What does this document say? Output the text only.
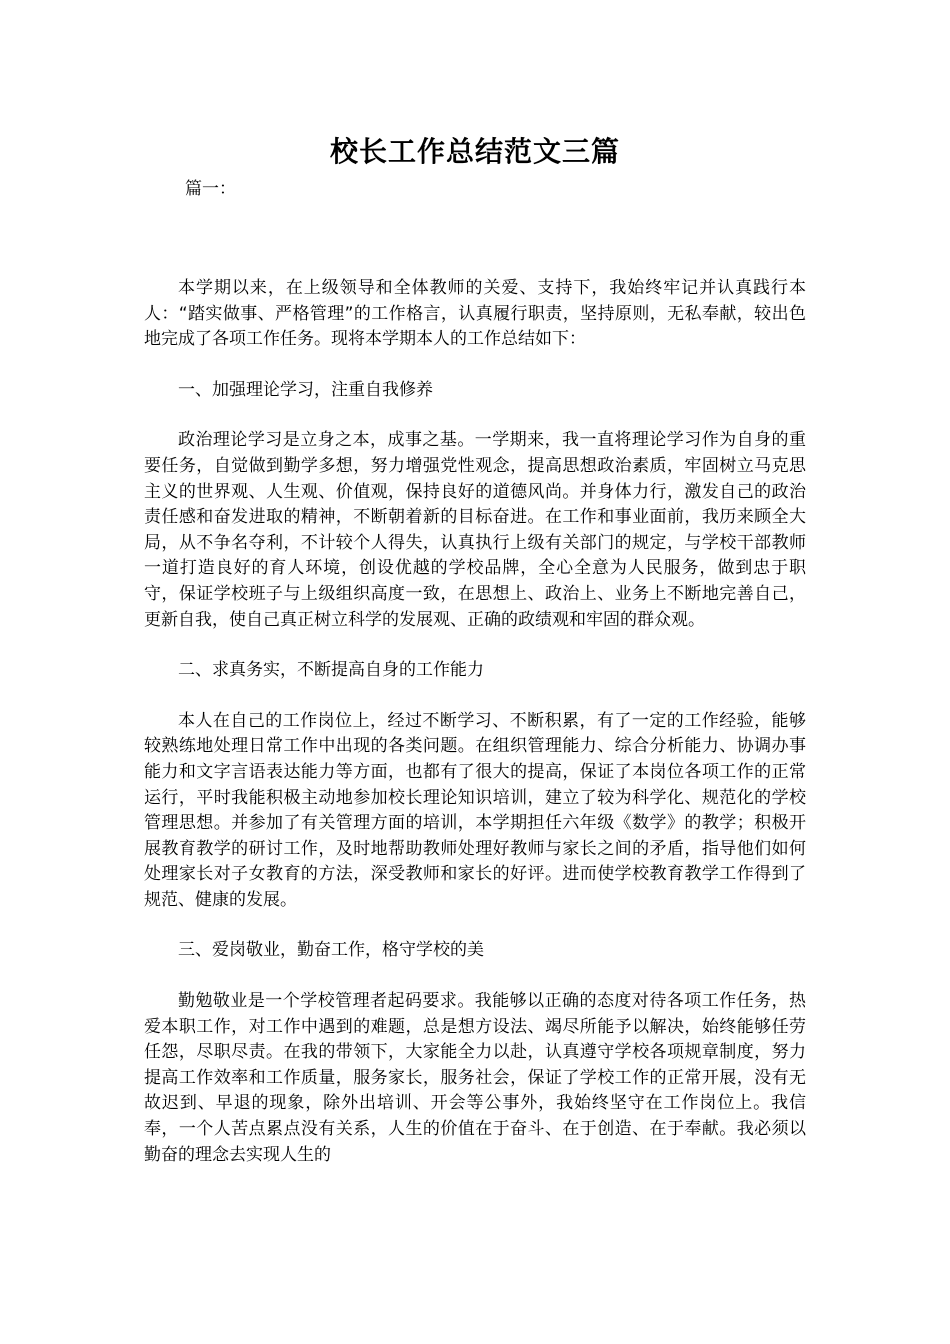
校长工作总结范文三篇

篇一：

本学期以来，在上级领导和全体教师的关爱、支持下，我始终牢记并认真践行本人：“踏实做事、严格管理”的工作格言，认真履行职责，坚持原则，无私奉献，较出色地完成了各项工作任务。现将本学期本人的工作总结如下：

一、加强理论学习，注重自我修养

政治理论学习是立身之本，成事之基。一学期来，我一直将理论学习作为自身的重要任务，自觉做到勤学多想，努力增强党性观念，提高思想政治素质，牢固树立马克思主义的世界观、人生观、价值观，保持良好的道德风尚。并身体力行，激发自己的政治责任感和奋发进取的精神，不断朝着新的目标奋进。在工作和事业面前，我历来顾全大局，从不争名夺利，不计较个人得失，认真执行上级有关部门的规定，与学校干部教师一道打造良好的育人环境，创设优越的学校品牌，全心全意为人民服务，做到忠于职守，保证学校班子与上级组织高度一致，在思想上、政治上、业务上不断地完善自己，更新自我，使自己真正树立科学的发展观、正确的政绩观和牢固的群众观。

二、求真务实，不断提高自身的工作能力

本人在自己的工作岗位上，经过不断学习、不断积累，有了一定的工作经验，能够较熟练地处理日常工作中出现的各类问题。在组织管理能力、综合分析能力、协调办事能力和文字言语表达能力等方面，也都有了很大的提高，保证了本岗位各项工作的正常运行，平时我能积极主动地参加校长理论知识培训，建立了较为科学化、规范化的学校管理思想。并参加了有关管理方面的培训，本学期担任六年级《数学》的教学；积极开展教育教学的研讨工作，及时地帮助教师处理好教师与家长之间的矛盾，指导他们如何处理家长对子女教育的方法，深受教师和家长的好评。进而使学校教育教学工作得到了规范、健康的发展。

三、爱岗敬业，勤奋工作，格守学校的美

勤勉敬业是一个学校管理者起码要求。我能够以正确的态度对待各项工作任务，热爱本职工作，对工作中遇到的难题，总是想方设法、竭尽所能予以解决，始终能够任劳任怨，尽职尽责。在我的带领下，大家能全力以赴，认真遵守学校各项规章制度，努力提高工作效率和工作质量，服务家长，服务社会，保证了学校工作的正常开展，没有无故迟到、早退的现象，除外出培训、开会等公事外，我始终坚守在工作岗位上。我信奉，一个人苦点累点没有关系，人生的价值在于奋斗、在于创造、在于奉献。我必须以勤奋的理念去实现人生的
